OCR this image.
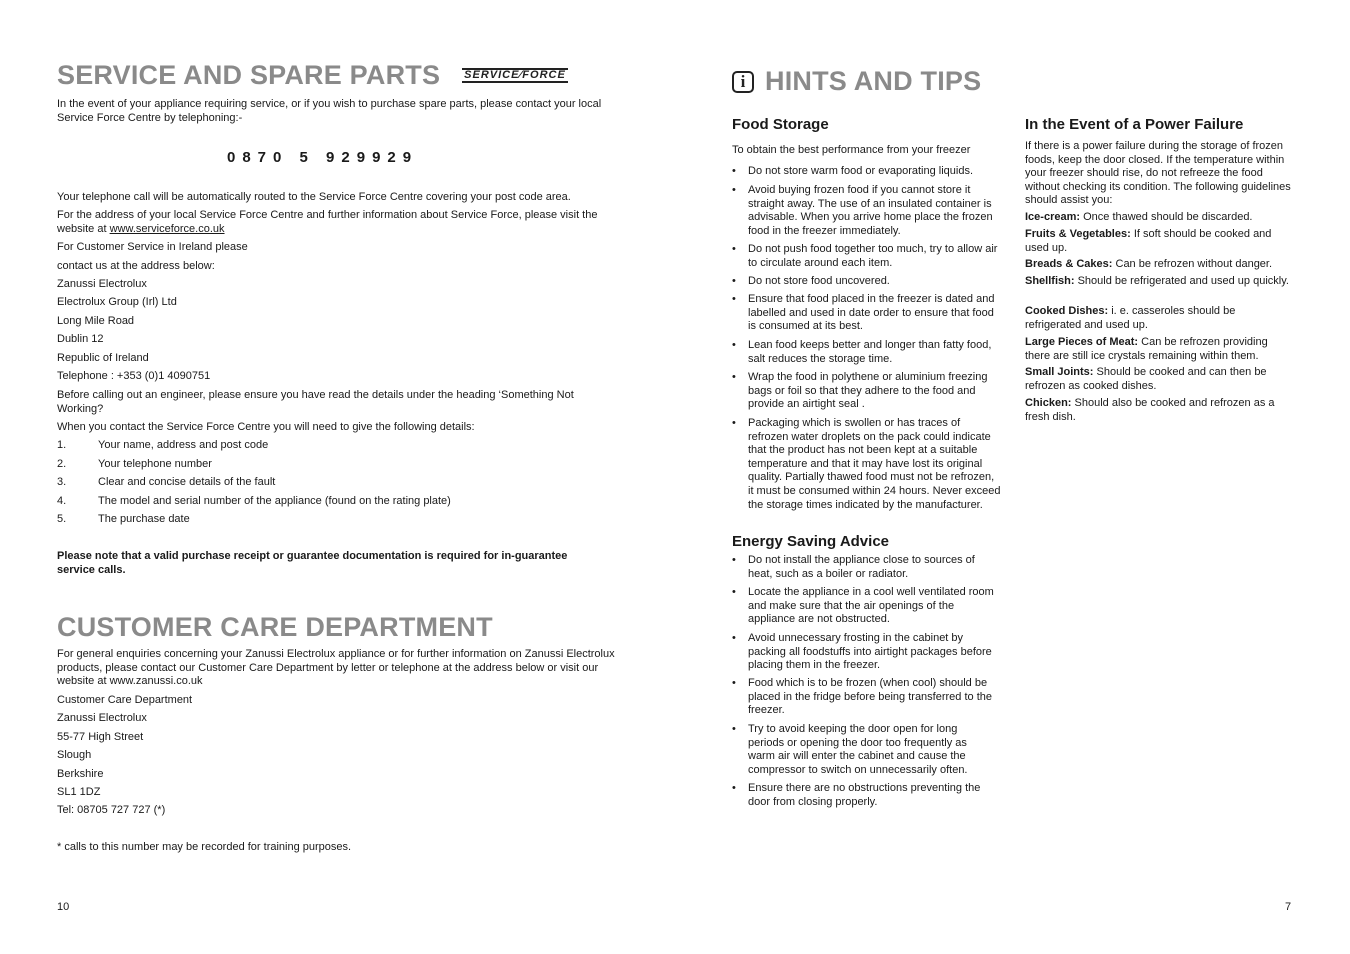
SERVICE AND SPARE PARTS SERVICE∕FORCE

In the event of your appliance requiring service, or if you wish to purchase spare parts, please contact your local Service Force Centre by telephoning:-

0870 5 929929

Your telephone call will be automatically routed to the Service Force Centre covering your post code area.

For the address of your local Service Force Centre and further information about Service Force, please visit the website at www.serviceforce.co.uk

For Customer Service in Ireland please

contact us at the address below:

Zanussi Electrolux

Electrolux Group (Irl) Ltd

Long Mile Road

Dublin 12

Republic of Ireland

Telephone : +353 (0)1 4090751

Before calling out an engineer, please ensure you have read the details under the heading ‘Something Not Working?

When you contact the Service Force Centre you will need to give the following details:

1.	Your name, address and post code
2.	Your telephone number
3.	Clear and concise details of the fault
4.	The model and serial number of the appliance (found on the rating plate)
5.	The purchase date

Please note that a valid purchase receipt or guarantee documentation is required for in-guarantee service calls.

CUSTOMER CARE DEPARTMENT

For general enquiries concerning your Zanussi Electrolux appliance or for further information on Zanussi Electrolux products, please contact our Customer Care Department by letter or telephone at the address below or visit our website at www.zanussi.co.uk

Customer Care Department

Zanussi Electrolux

55-77 High Street

Slough

Berkshire

SL1 1DZ

Tel: 08705 727 727 (*)

* calls to this number may be recorded for training purposes.

10

i HINTS AND TIPS
Food Storage

To obtain the best performance from your freezer

• Do not store warm food or evaporating liquids.
• Avoid buying frozen food if you cannot store it straight away. The use of an insulated container is advisable. When you arrive home place the frozen food in the freezer immediately.
• Do not push food together too much, try to allow air to circulate around each item.
• Do not store food uncovered.
• Ensure that food placed in the freezer is dated and labelled and used in date order to ensure that food is consumed at its best.
• Lean food keeps better and longer than fatty food, salt reduces the storage time.
• Wrap the food in polythene or aluminium freezing bags or foil so that they adhere to the food and provide an airtight seal .
• Packaging which is swollen or has traces of refrozen water droplets on the pack could indicate that the product has not been kept at a suitable temperature and that it may have lost its original quality. Partially thawed food must not be refrozen, it must be consumed within 24 hours. Never exceed the storage times indicated by the manufacturer.
Energy Saving Advice
• Do not install the appliance close to sources of heat, such as a boiler or radiator.
• Locate the appliance in a cool well ventilated room and make sure that the air openings of the appliance are not obstructed.
• Avoid unnecessary frosting in the cabinet by packing all foodstuffs into airtight packages before placing them in the freezer.
• Food which is to be frozen (when cool) should be placed in the fridge before being transferred to the freezer.
• Try to avoid keeping the door open for long periods or opening the door too frequently as warm air will enter the cabinet and cause the compressor to switch on unnecessarily often.
• Ensure there are no obstructions preventing the door from closing properly.
In the Event of a Power Failure

If there is a power failure during the storage of frozen foods, keep the door closed. If the temperature within your freezer should rise, do not refreeze the food without checking its condition. The following guidelines should assist you:

Ice-cream: Once thawed should be discarded.

Fruits & Vegetables: If soft should be cooked and used up.

Breads & Cakes: Can be refrozen without danger.

Shellfish: Should be refrigerated and used up quickly.

Cooked Dishes: i. e. casseroles should be refrigerated and used up.

Large Pieces of Meat: Can be refrozen providing there are still ice crystals remaining within them.

Small Joints: Should be cooked and can then be refrozen as cooked dishes.

Chicken: Should also be cooked and refrozen as a fresh dish.

7
